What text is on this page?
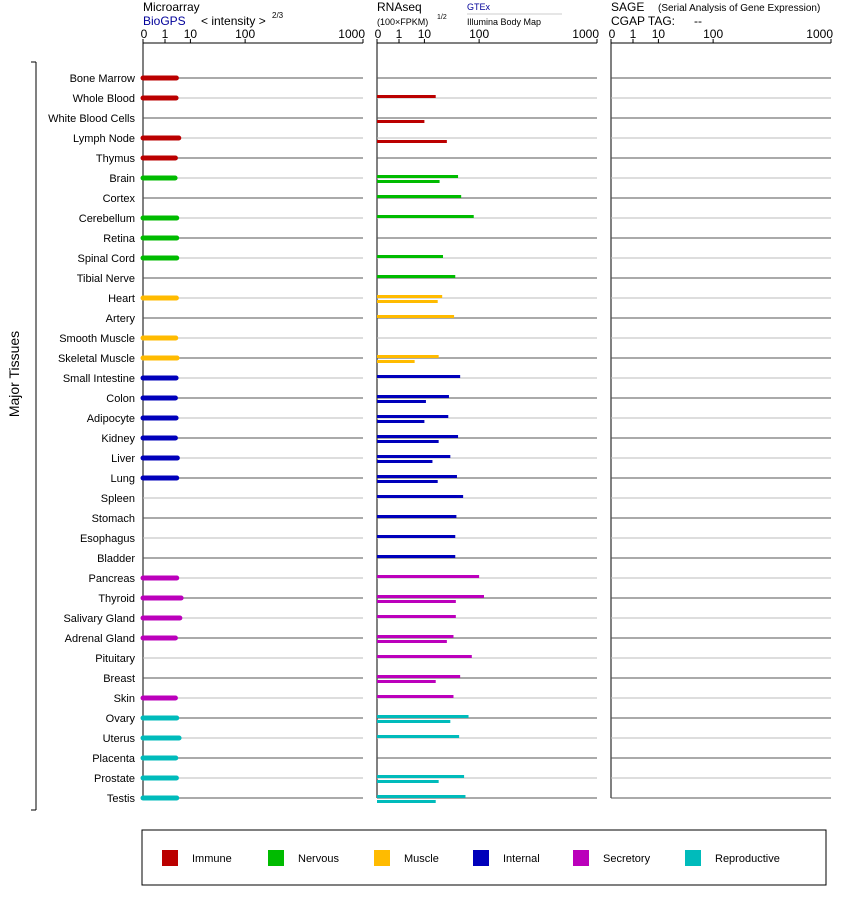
Microarray
BioGPS < intensity > 2/3
RNAseq
(100×FPKM) 1/2
GTEx
Illumina Body Map
SAGE (Serial Analysis of Gene Expression)
CGAP TAG: --
0 1 10	100	1000 0 1 10	100	1000 0 1 10	100	1000
Bone Marrow
Whole Blood
White Blood Cells
Lymph Node
Thymus
Brain
Cortex
Cerebellum
Retina
Spinal Cord
Tibial Nerve
Heart
Artery
Smooth Muscle
Skeletal Muscle
Small Intestine
Colon
Adipocyte
Kidney
Liver
Lung
Spleen
Stomach
Esophagus
Bladder
Pancreas
Thyroid
Salivary Gland
Adrenal Gland
Pituitary
Breast
Skin
Ovary
Uterus
Placenta
Prostate
Testis
Major Tissues
Immune	Nervous	Muscle	Internal	Secretory	Reproductive
